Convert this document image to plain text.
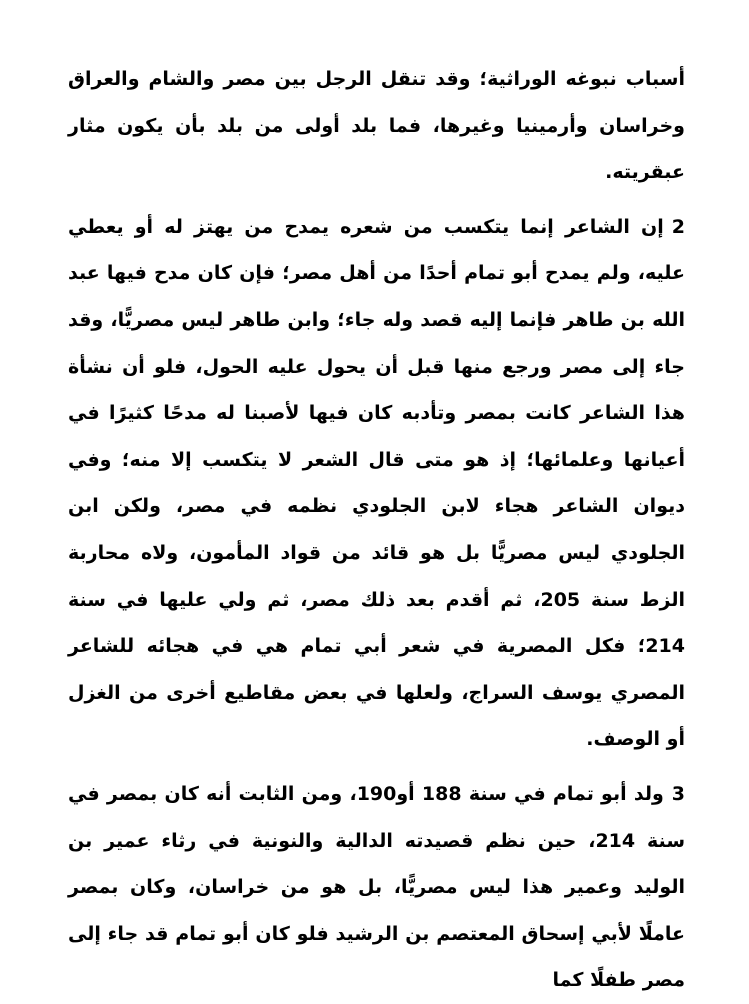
أسباب نبوغه الوراثية؛ وقد تنقل الرجل بين مصر والشام والعراق وخراسان وأرمينيا وغيرها، فما بلد أولى من بلد بأن يكون مثار عبقريته.

2إن الشاعر إنما يتكسب من شعره يمدح من يهتز له أو يعطي عليه، ولم يمدح أبو تمام أحدًا من أهل مصر؛ فإن كان مدح فيها عبد الله بن طاهر فإنما إليه قصد وله جاء؛ وابن طاهر ليس مصريًّا، وقد جاء إلى مصر ورجع منها قبل أن يحول عليه الحول، فلو أن نشأة هذا الشاعر كانت بمصر وتأدبه كان فيها لأصبنا له مدحًا كثيرًا في أعيانها وعلمائها؛ إذ هو متى قال الشعر لا يتكسب إلا منه؛ وفي ديوان الشاعر هجاء لابن الجلودي نظمه في مصر، ولكن ابن الجلودي ليس مصريًّا بل هو قائد من قواد المأمون، ولاه محاربة الزط سنة 205، ثم أقدم بعد ذلك مصر، ثم ولي عليها في سنة 214؛ فكل المصرية في شعر أبي تمام هي في هجائه للشاعر المصري يوسف السراج، ولعلها في بعض مقاطيع أخرى من الغزل أو الوصف.

3ولد أبو تمام في سنة 188 أو190، ومن الثابت أنه كان بمصر في سنة 214، حين نظم قصيدته الدالية والنونية في رثاء عمير بن الوليد وعمير هذا ليس مصريًّا، بل هو من خراسان، وكان بمصر عاملًا لأبي إسحاق المعتصم بن الرشيد فلو كان أبو تمام قد جاء إلى مصر طفلًا كما
